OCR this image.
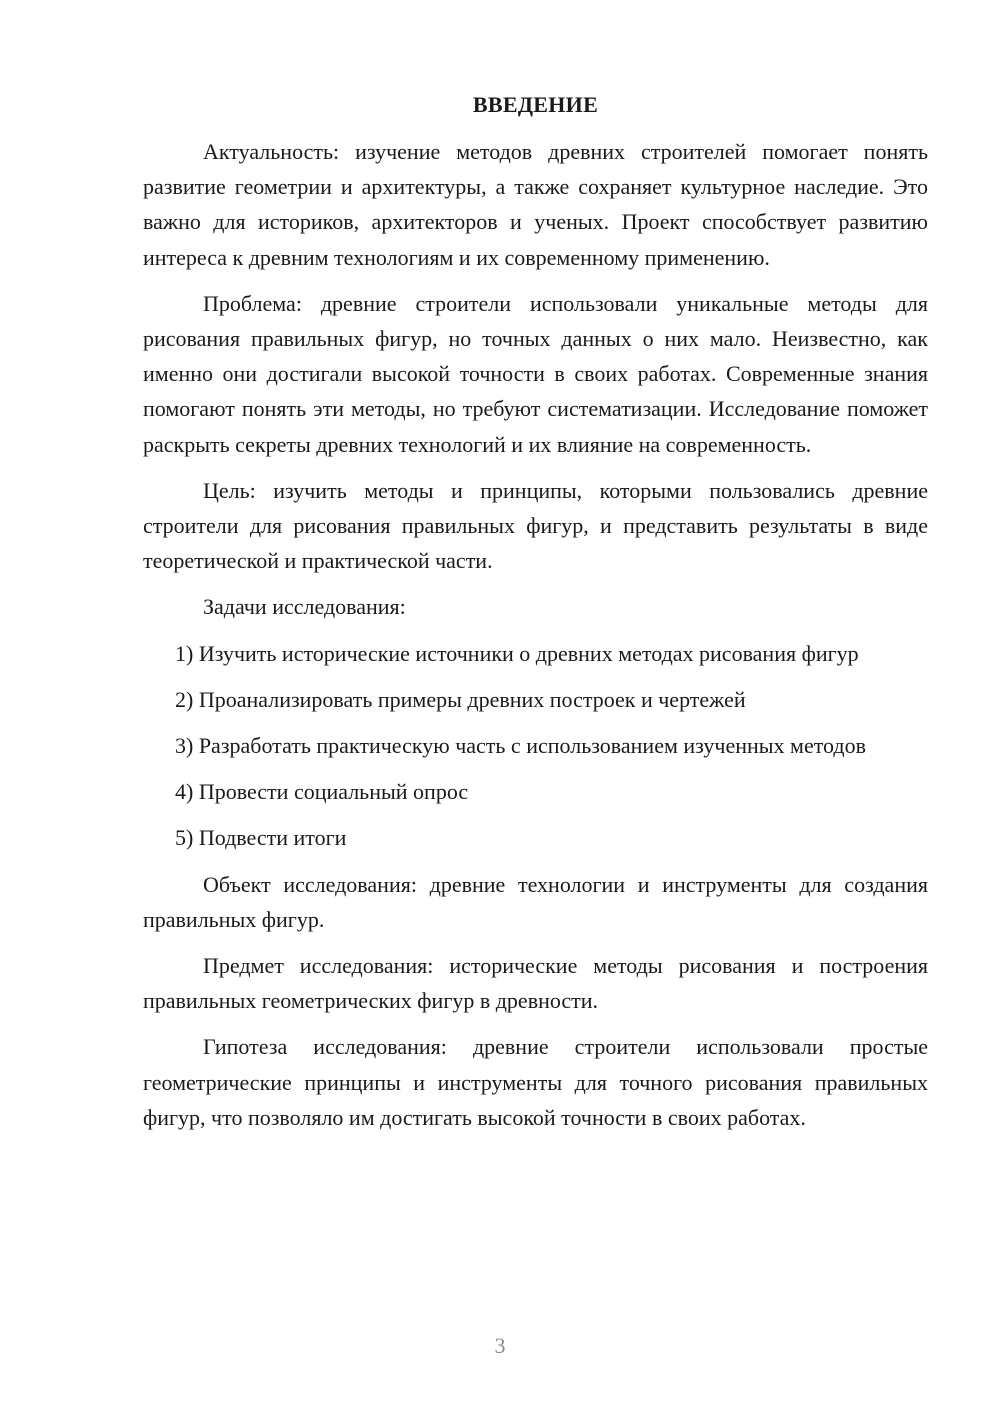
ВВЕДЕНИЕ

Актуальность: изучение методов древних строителей помогает понять развитие геометрии и архитектуры, а также сохраняет культурное наследие. Это важно для историков, архитекторов и ученых. Проект способствует развитию интереса к древним технологиям и их современному применению.

Проблема: древние строители использовали уникальные методы для рисования правильных фигур, но точных данных о них мало. Неизвестно, как именно они достигали высокой точности в своих работах. Современные знания помогают понять эти методы, но требуют систематизации. Исследование поможет раскрыть секреты древних технологий и их влияние на современность.

Цель: изучить методы и принципы, которыми пользовались древние строители для рисования правильных фигур, и представить результаты в виде теоретической и практической части.

Задачи исследования:

1) Изучить исторические источники о древних методах рисования фигур

2) Проанализировать примеры древних построек и чертежей

3) Разработать практическую часть с использованием изученных методов

4) Провести социальный опрос

5) Подвести итоги

Объект исследования: древние технологии и инструменты для создания правильных фигур.

Предмет исследования: исторические методы рисования и построения правильных геометрических фигур в древности.

Гипотеза исследования: древние строители использовали простые геометрические принципы и инструменты для точного рисования правильных фигур, что позволяло им достигать высокой точности в своих работах.

3
